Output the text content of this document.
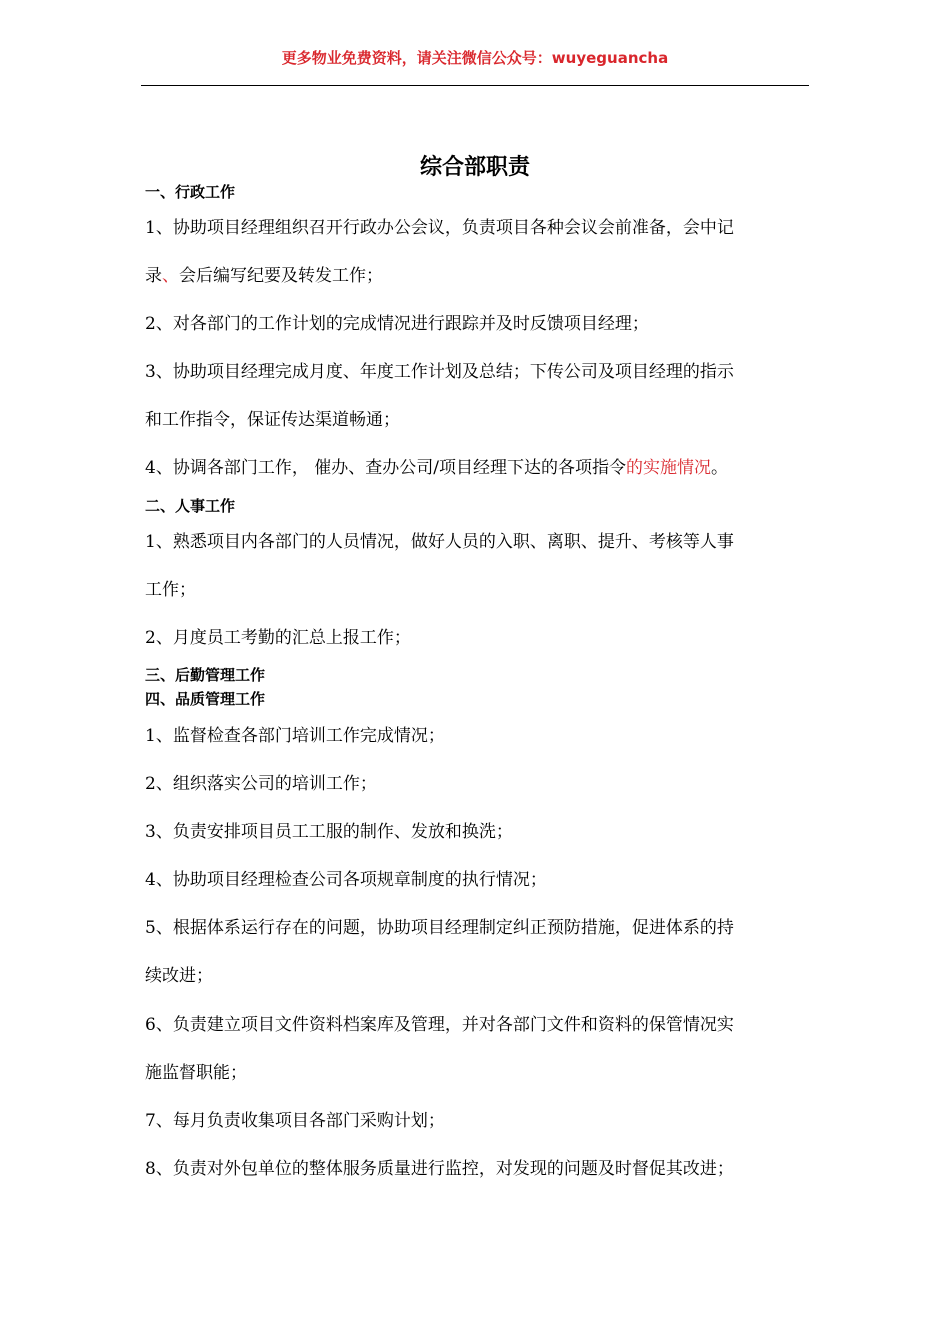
更多物业免费资料，请关注微信公众号：wuyeguancha
综合部职责
一、行政工作
1、协助项目经理组织召开行政办公会议，负责项目各种会议会前准备，会中记
录、会后编写纪要及转发工作；
2、对各部门的工作计划的完成情况进行跟踪并及时反馈项目经理；
3、协助项目经理完成月度、年度工作计划及总结；下传公司及项目经理的指示
和工作指令，保证传达渠道畅通；
4、协调各部门工作， 催办、查办公司/项目经理下达的各项指令的实施情况。
二、人事工作
1、熟悉项目内各部门的人员情况，做好人员的入职、离职、提升、考核等人事
工作；
2、月度员工考勤的汇总上报工作；
三、后勤管理工作
四、品质管理工作
1、监督检查各部门培训工作完成情况；
2、组织落实公司的培训工作；
3、负责安排项目员工工服的制作、发放和换洗；
4、协助项目经理检查公司各项规章制度的执行情况；
5、根据体系运行存在的问题，协助项目经理制定纠正预防措施，促进体系的持
续改进；
6、负责建立项目文件资料档案库及管理，并对各部门文件和资料的保管情况实
施监督职能；
7、每月负责收集项目各部门采购计划；
8、负责对外包单位的整体服务质量进行监控，对发现的问题及时督促其改进；
